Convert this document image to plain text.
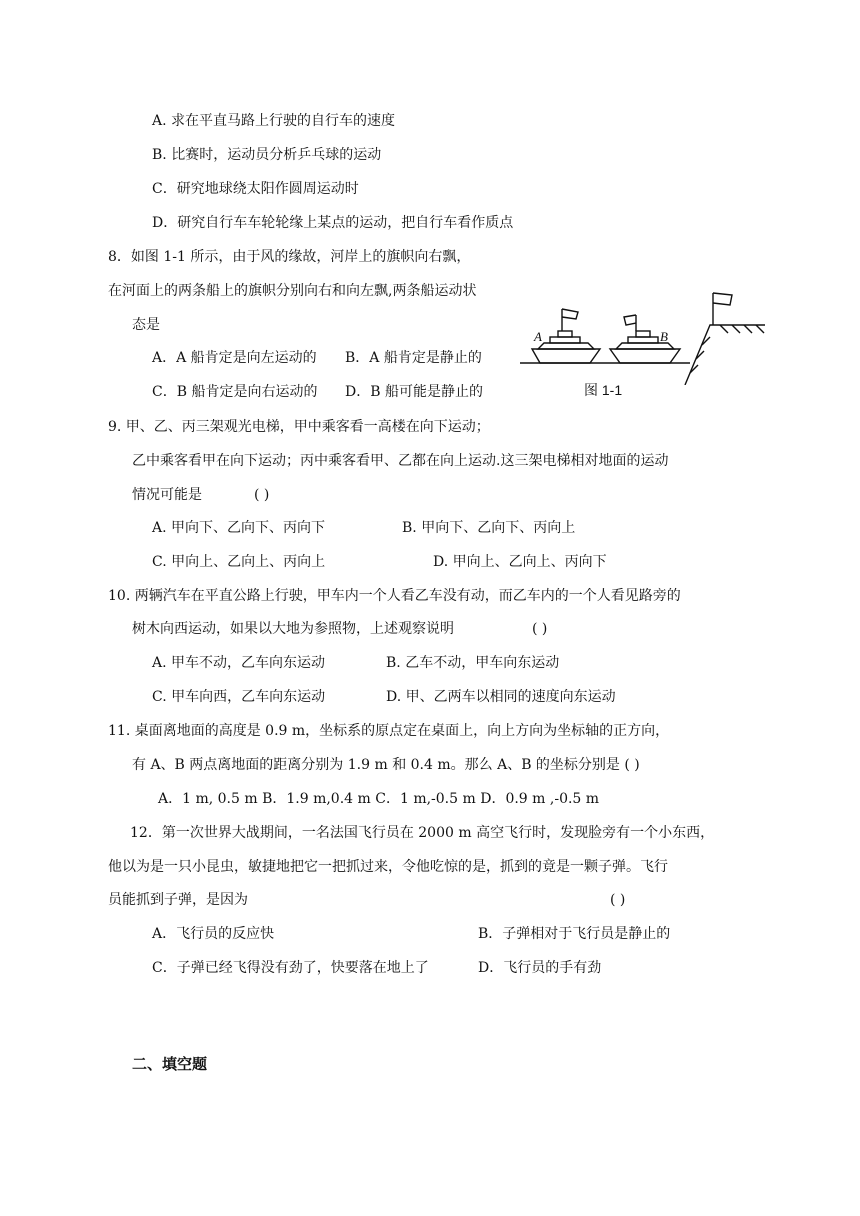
A. 求在平直马路上行驶的自行车的速度
B. 比赛时，运动员分析乒乓球的运动
C．研究地球绕太阳作圆周运动时
D．研究自行车车轮轮缘上某点的运动，把自行车看作质点
8．如图 1-1 所示，由于风的缘故，河岸上的旗帜向右飘，
在河面上的两条船上的旗帜分别向右和向左飘,两条船运动状
态是
A．A 船肯定是向左运动的 B．A 船肯定是静止的
C．B 船肯定是向右运动的 D．B 船可能是静止的
A	B
图 1-1
9. 甲、乙、丙三架观光电梯，甲中乘客看一高楼在向下运动；
乙中乘客看甲在向下运动；丙中乘客看甲、乙都在向上运动.这三架电梯相对地面的运动
情况可能是	( )
A. 甲向下、乙向下、丙向下	B. 甲向下、乙向下、丙向上
C. 甲向上、乙向上、丙向上	D. 甲向上、乙向上、丙向下
10. 两辆汽车在平直公路上行驶，甲车内一个人看乙车没有动，而乙车内的一个人看见路旁的
树木向西运动，如果以大地为参照物，上述观察说明	( )
A. 甲车不动，乙车向东运动	B. 乙车不动，甲车向东运动
C. 甲车向西，乙车向东运动	D. 甲、乙两车以相同的速度向东运动
11. 桌面离地面的高度是 0.9 m，坐标系的原点定在桌面上，向上方向为坐标轴的正方向，
有 A、B 两点离地面的距离分别为 1.9 m 和 0.4 m。那么 A、B 的坐标分别是 ( )
A．1 m, 0.5 m B．1.9 m,0.4 m C．1 m,-0.5 m D．0.9 m ,-0.5 m
12．第一次世界大战期间，一名法国飞行员在 2000 m 高空飞行时，发现脸旁有一个小东西，
他以为是一只小昆虫，敏捷地把它一把抓过来，令他吃惊的是，抓到的竟是一颗子弹。飞行
员能抓到子弹，是因为	( )
A．飞行员的反应快	B．子弹相对于飞行员是静止的
C．子弹已经飞得没有劲了，快要落在地上了	D．飞行员的手有劲
二、填空题
